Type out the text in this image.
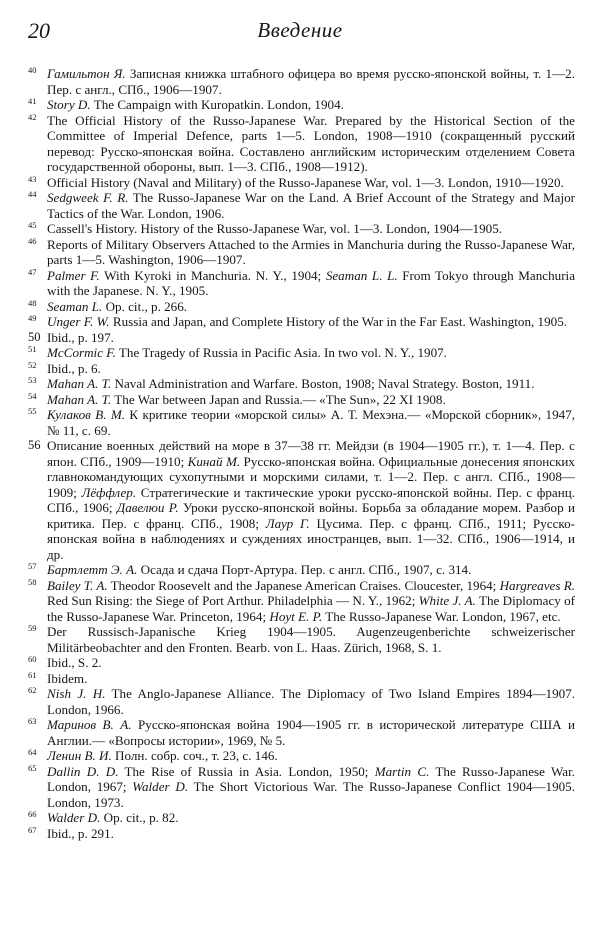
20	Введение
40 Гамильтон Я. Записная книжка штабного офицера во время русско-японской войны, т. 1—2. Пер. с англ., СПб., 1906—1907.
41 Story D. The Campaign with Kuropatkin. London, 1904.
42 The Official History of the Russo-Japanese War. Prepared by the Historical Section of the Committee of Imperial Defence, parts 1—5. London, 1908—1910 (сокращенный русский перевод: Русско-японская война. Составлено английским историческим отделением Совета государственной обороны, вып. 1—3. СПб., 1908—1912).
43 Official History (Naval and Military) of the Russo-Japanese War, vol. 1—3. London, 1910—1920.
44 Sedgweek F. R. The Russo-Japanese War on the Land. A Brief Account of the Strategy and Major Tactics of the War. London, 1906.
45 Cassell's History. History of the Russo-Japanese War, vol. 1—3. London, 1904—1905.
46 Reports of Military Observers Attached to the Armies in Manchuria during the Russo-Japanese War, parts 1—5. Washington, 1906—1907.
47 Palmer F. With Kyroki in Manchuria. N. Y., 1904; Seaman L. L. From Tokyo through Manchuria with the Japanese. N. Y., 1905.
48 Seaman L. Op. cit., p. 266.
49 Unger F. W. Russia and Japan, and Complete History of the War in the Far East. Washington, 1905.
50 Ibid., p. 197.
51 McCormic F. The Tragedy of Russia in Pacific Asia. In two vol. N. Y., 1907.
52 Ibid., p. 6.
53 Mahan A. T. Naval Administration and Warfare. Boston, 1908; Naval Strategy. Boston, 1911.
54 Mahan A. T. The War between Japan and Russia.— «The Sun», 22 XI 1908.
55 Кулаков В. М. К критике теории «морской силы» А. Т. Мехэна.— «Морской сборник», 1947, № 11, с. 69.
56 Описание военных действий на море в 37—38 гг. Мейдзи (в 1904—1905 гг.), т. 1—4. Пер. с япон. СПб., 1909—1910; Кинай М. Русско-японская война. Официальные донесения японских главнокомандующих сухопутными и морскими силами, т. 1—2. Пер. с англ. СПб., 1908—1909; Лёффлер. Стратегические и тактические уроки русско-японской войны. Пер. с франц. СПб., 1906; Давелюи Р. Уроки русско-японской войны. Борьба за обладание морем. Разбор и критика. Пер. с франц. СПб., 1908; Лаур Г. Цусима. Пер. с франц. СПб., 1911; Русско-японская война в наблюдениях и суждениях иностранцев, вып. 1—32. СПб., 1906—1914, и др.
57 Бартлетт Э. А. Осада и сдача Порт-Артура. Пер. с англ. СПб., 1907, с. 314.
58 Bailey T. A. Theodor Roosevelt and the Japanese American Craises. Cloucester, 1964; Hargreaves R. Red Sun Rising: the Siege of Port Arthur. Philadelphia — N. Y., 1962; White J. A. The Diplomacy of the Russo-Japanese War. Princeton, 1964; Hoyt E. P. The Russo-Japanese War. London, 1967, etc.
59 Der Russisch-Japanische Krieg 1904—1905. Augenzeugenberichte schweizerischer Militärbeobachter and den Fronten. Bearb. von L. Haas. Zürich, 1968, S. 1.
60 Ibid., S. 2.
61 Ibidem.
62 Nish J. H. The Anglo-Japanese Alliance. The Diplomacy of Two Island Empires 1894—1907. London, 1966.
63 Маринов В. А. Русско-японская война 1904—1905 гг. в исторической литературе США и Англии.— «Вопросы истории», 1969, № 5.
64 Ленин В. И. Полн. собр. соч., т. 23, с. 146.
65 Dallin D. D. The Rise of Russia in Asia. London, 1950; Martin C. The Russo-Japanese War. London, 1967; Walder D. The Short Victorious War. The Russo-Japanese Conflict 1904—1905. London, 1973.
66 Walder D. Op. cit., p. 82.
67 Ibid., p. 291.
